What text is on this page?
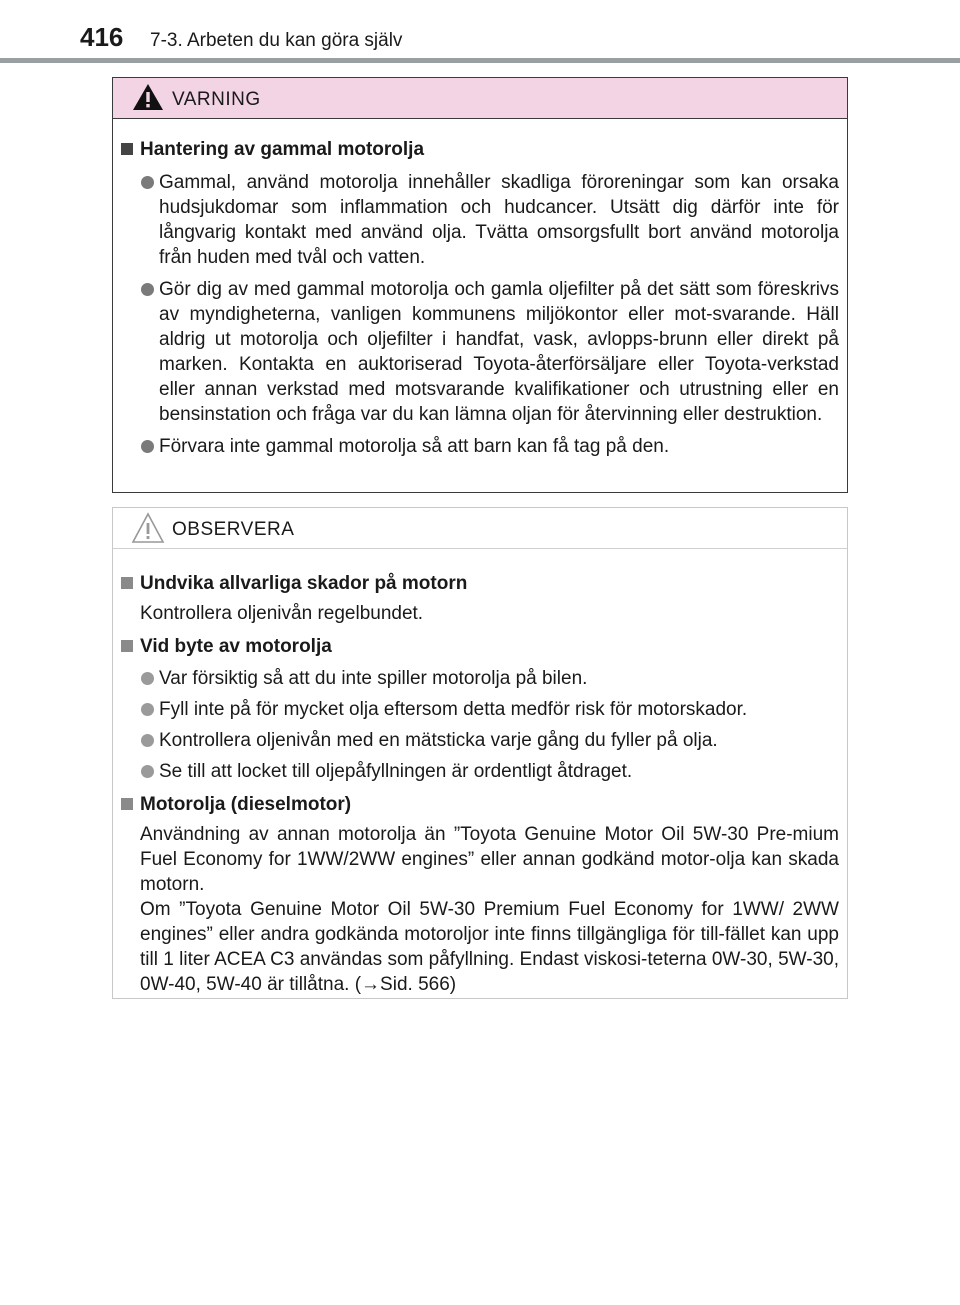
416 7-3. Arbeten du kan göra själv
VARNING
Hantering av gammal motorolja
Gammal, använd motorolja innehåller skadliga föroreningar som kan orsaka hudsjukdomar som inflammation och hudcancer. Utsätt dig därför inte för långvarig kontakt med använd olja. Tvätta omsorgsfullt bort använd motorolja från huden med tvål och vatten.
Gör dig av med gammal motorolja och gamla oljefilter på det sätt som föreskrivs av myndigheterna, vanligen kommunens miljökontor eller mot-svarande. Häll aldrig ut motorolja och oljefilter i handfat, vask, avlopps-brunn eller direkt på marken. Kontakta en auktoriserad Toyota-återförsäljare eller Toyota-verkstad eller annan verkstad med motsvarande kvalifikationer och utrustning eller en bensinstation och fråga var du kan lämna oljan för återvinning eller destruktion.
Förvara inte gammal motorolja så att barn kan få tag på den.
OBSERVERA
Undvika allvarliga skador på motorn
Kontrollera oljenivån regelbundet.
Vid byte av motorolja
Var försiktig så att du inte spiller motorolja på bilen.
Fyll inte på för mycket olja eftersom detta medför risk för motorskador.
Kontrollera oljenivån med en mätsticka varje gång du fyller på olja.
Se till att locket till oljepåfyllningen är ordentligt åtdraget.
Motorolja (dieselmotor)
Användning av annan motorolja än ”Toyota Genuine Motor Oil 5W-30 Pre-mium Fuel Economy for 1WW/2WW engines” eller annan godkänd motor-olja kan skada motorn.
Om ”Toyota Genuine Motor Oil 5W-30 Premium Fuel Economy for 1WW/ 2WW engines” eller andra godkända motoroljor inte finns tillgängliga för till-fället kan upp till 1 liter ACEA C3 användas som påfyllning. Endast viskosi-teterna 0W-30, 5W-30, 0W-40, 5W-40 är tillåtna. (→Sid. 566)
